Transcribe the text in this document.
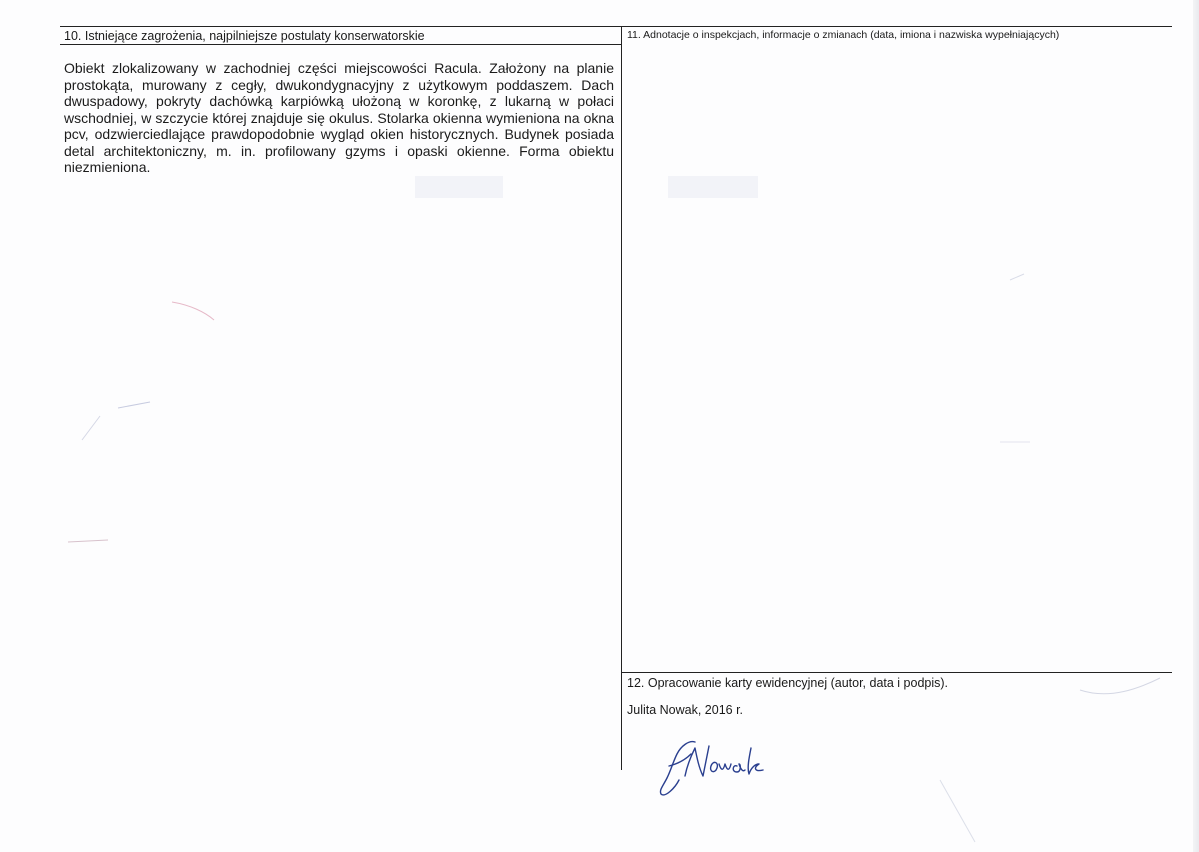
10. Istniejące zagrożenia, najpilniejsze postulaty konserwatorskie

Obiekt zlokalizowany w zachodniej części miejscowości Racula. Założony na planie prostokąta, murowany z cegły, dwukondygnacyjny z użytkowym poddaszem. Dach dwuspadowy, pokryty dachówką karpiówką ułożoną w koronkę, z lukarną w połaci wschodniej, w szczycie której znajduje się okulus. Stolarka okienna wymieniona na okna pcv, odzwierciedlające prawdopodobnie wygląd okien historycznych. Budynek posiada detal architektoniczny, m. in. profilowany gzyms i opaski okienne. Forma obiektu niezmieniona.

11. Adnotacje o inspekcjach, informacje o zmianach (data, imiona i nazwiska wypełniających)
12. Opracowanie karty ewidencyjnej (autor, data i podpis).
Julita Nowak, 2016 r.
